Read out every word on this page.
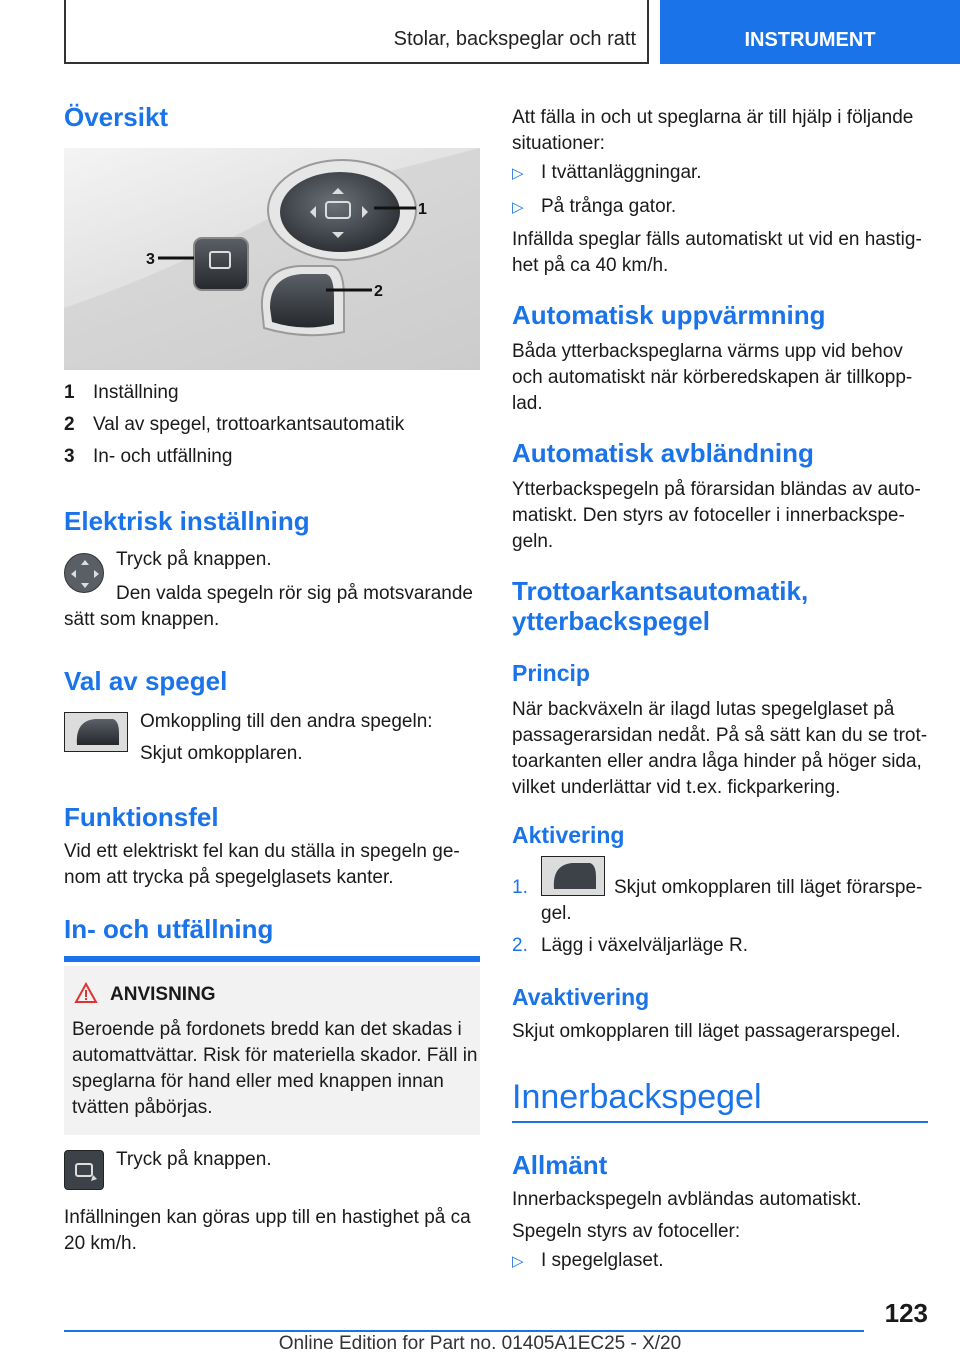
Stolar, backspeglar och ratt	INSTRUMENT
Översikt
1
2
3
1 Inställning
2 Val av spegel, trottoarkantsautomatik
3 In- och utfällning
Elektrisk inställning
Tryck på knappen.
Den valda spegeln rör sig på motsvarande
sätt som knappen.
Val av spegel
Omkoppling till den andra spegeln:
Skjut omkopplaren.
Funktionsfel
Vid ett elektriskt fel kan du ställa in spegeln ge-
nom att trycka på spegelglasets kanter.
In- och utfällning
ANVISNING
Beroende på fordonets bredd kan det skadas i
automattvättar. Risk för materiella skador. Fäll in
speglarna för hand eller med knappen innan
tvätten påbörjas.
Tryck på knappen.
Infällningen kan göras upp till en hastighet på ca
20 km/h.
Att fälla in och ut speglarna är till hjälp i följande
situationer:
▷ I tvättanläggningar.
▷ På trånga gator.
Infällda speglar fälls automatiskt ut vid en hastig-
het på ca 40 km/h.
Automatisk uppvärmning
Båda ytterbackspeglarna värms upp vid behov
och automatiskt när körberedskapen är tillkopp-
lad.
Automatisk avbländning
Ytterbackspegeln på förarsidan bländas av auto-
matiskt. Den styrs av fotoceller i innerbackspe-
geln.
Trottoarkantsautomatik,
ytterbackspegel
Princip
När backväxeln är ilagd lutas spegelglaset på
passagerarsidan nedåt. På så sätt kan du se trot-
toarkanten eller andra låga hinder på höger sida,
vilket underlättar vid t.ex. fickparkering.
Aktivering
1.	Skjut omkopplaren till läget förarspe-
gel.
2. Lägg i växelväljarläge R.
Avaktivering
Skjut omkopplaren till läget passagerarspegel.
Innerbackspegel
Allmänt
Innerbackspegeln avbländas automatiskt.
Spegeln styrs av fotoceller:
▷ I spegelglaset.
123
Online Edition for Part no. 01405A1EC25 - X/20
